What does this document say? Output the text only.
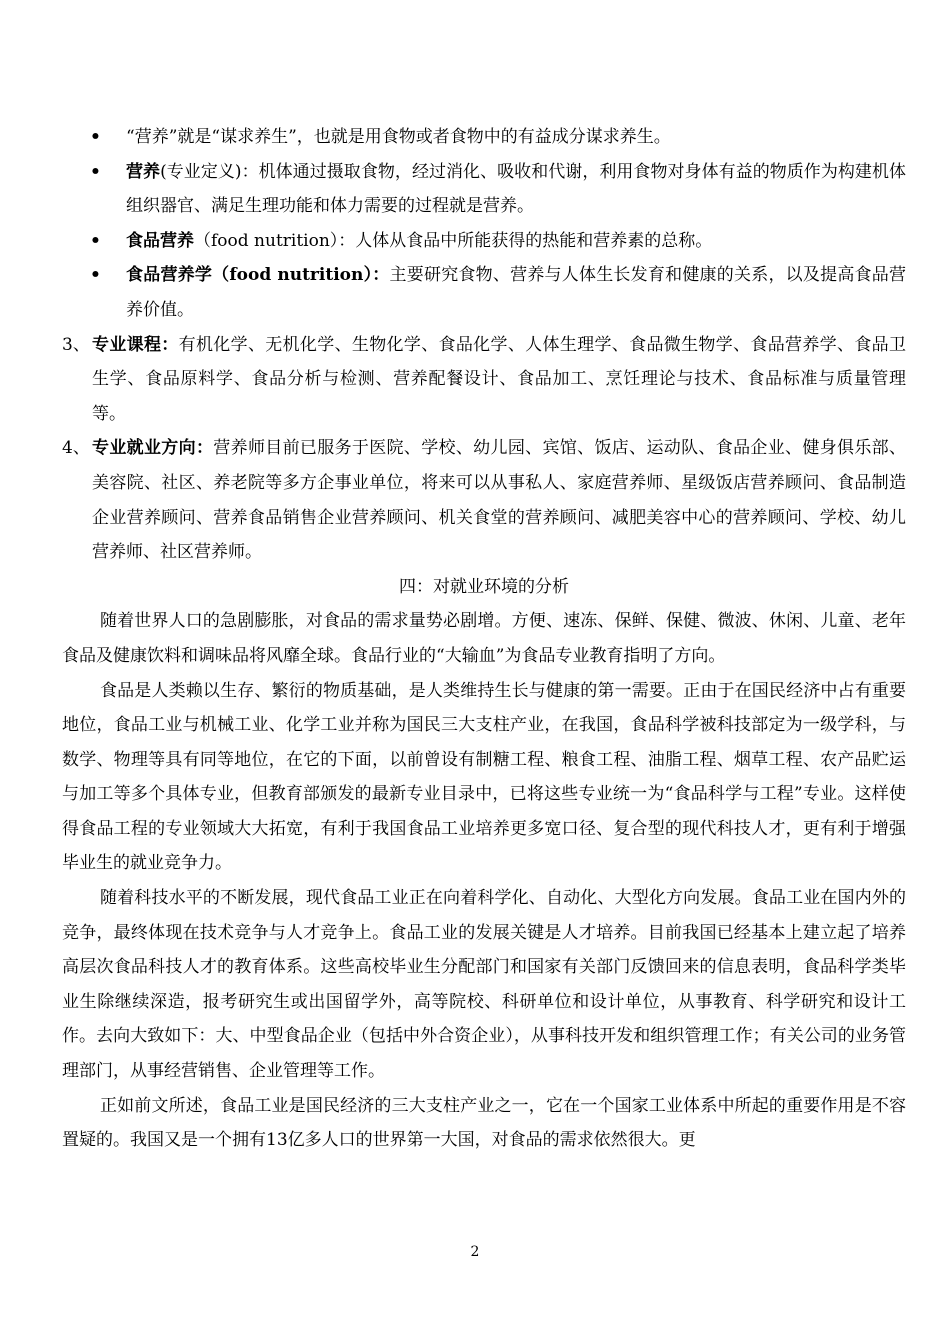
• “营养”就是“谋求养生”，也就是用食物或者食物中的有益成分谋求养生。
• 营养(专业定义)：机体通过摄取食物，经过消化、吸收和代谢，利用食物对身体有益的物质作为构建机体组织器官、满足生理功能和体力需要的过程就是营养。
• 食品营养（food nutrition）：人体从食品中所能获得的热能和营养素的总称。
• 食品营养学（food nutrition）：主要研究食物、营养与人体生长发育和健康的关系，以及提高食品营养价值。
3、 专业课程：有机化学、无机化学、生物化学、食品化学、人体生理学、食品微生物学、食品营养学、食品卫生学、食品原料学、食品分析与检测、营养配餐设计、食品加工、烹饪理论与技术、食品标准与质量管理等。
4、 专业就业方向：营养师目前已服务于医院、学校、幼儿园、宾馆、饭店、运动队、食品企业、健身俱乐部、美容院、社区、养老院等多方企事业单位，将来可以从事私人、家庭营养师、星级饭店营养顾问、食品制造企业营养顾问、营养食品销售企业营养顾问、机关食堂的营养顾问、减肥美容中心的营养顾问、学校、幼儿营养师、社区营养师。
四：对就业环境的分析
随着世界人口的急剧膨胀，对食品的需求量势必剧增。方便、速冻、保鲜、保健、微波、休闲、儿童、老年食品及健康饮料和调味品将风靡全球。食品行业的“大输血”为食品专业教育指明了方向。
食品是人类赖以生存、繁衍的物质基础，是人类维持生长与健康的第一需要。正由于在国民经济中占有重要地位，食品工业与机械工业、化学工业并称为国民三大支柱产业，在我国，食品科学被科技部定为一级学科，与数学、物理等具有同等地位，在它的下面，以前曾设有制糖工程、粮食工程、油脂工程、烟草工程、农产品贮运与加工等多个具体专业，但教育部颁发的最新专业目录中，已将这些专业统一为“食品科学与工程”专业。这样使得食品工程的专业领域大大拓宽，有利于我国食品工业培养更多宽口径、复合型的现代科技人才，更有利于增强毕业生的就业竞争力。
随着科技水平的不断发展，现代食品工业正在向着科学化、自动化、大型化方向发展。食品工业在国内外的竞争，最终体现在技术竞争与人才竞争上。食品工业的发展关键是人才培养。目前我国已经基本上建立起了培养高层次食品科技人才的教育体系。这些高校毕业生分配部门和国家有关部门反馈回来的信息表明，食品科学类毕业生除继续深造，报考研究生或出国留学外，高等院校、科研单位和设计单位，从事教育、科学研究和设计工作。去向大致如下：大、中型食品企业（包括中外合资企业），从事科技开发和组织管理工作；有关公司的业务管理部门，从事经营销售、企业管理等工作。
正如前文所述，食品工业是国民经济的三大支柱产业之一，它在一个国家工业体系中所起的重要作用是不容置疑的。我国又是一个拥有13亿多人口的世界第一大国，对食品的需求依然很大。更
2
